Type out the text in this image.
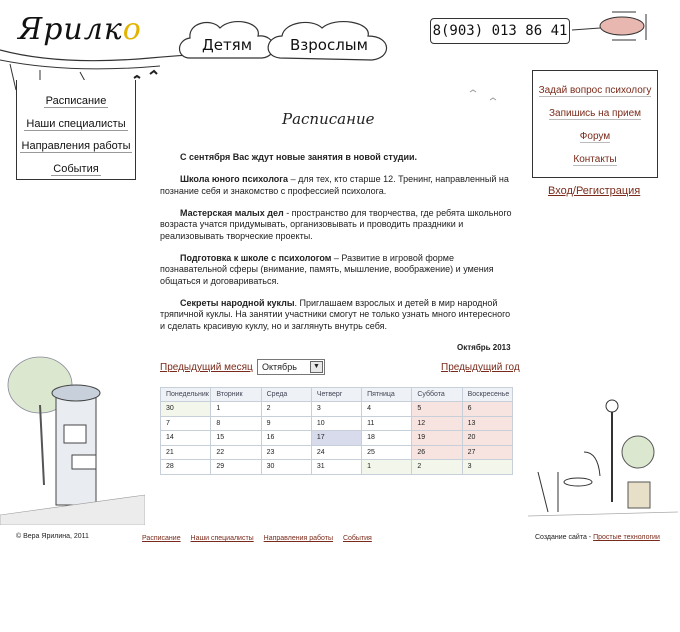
Ярилко	Детям	Взрослым
8(903) 013 86 41
Расписание
Наши специалисты
Направления работы
События
Задай вопрос психологу
Запишись на прием
Форум
Контакты
Вход/Регистрация
Расписание

С сентября Вас ждут новые занятия в новой студии.

Школа юного психолога – для тех, кто старше 12. Тренинг, направленный на познание себя и знакомство с профессией психолога.

Мастерская малых дел - пространство для творчества, где ребята школьного возраста учатся придумывать, организовывать и проводить праздники и реализовывать творческие проекты.

Подготовка к школе с психологом – Развитие в игровой форме познавательной сферы (внимание, память, мышление, воображение) и умения общаться и договариваться.

Секреты народной куклы. Приглашаем взрослых и детей в мир народной тряпичной куклы. На занятии участники смогут не только узнать много интересного и сделать красивую куклу, но и заглянуть внутрь себя.

Октябрь 2013
Предыдущий месяц	Октябрь	▼	Предыдущий год
Понедельник	Вторник	Среда	Четверг	Пятница	Суббота	Воскресенье
30	1	2	3	4	5	6
7	8	9	10	11	12	13
14	15	16	17	18	19	20
21	22	23	24	25	26	27
28	29	30	31	1	2	3
© Вера Ярилина, 2011	Расписание Наши специалисты Направления работы События	Создание сайта - Простые технологии
